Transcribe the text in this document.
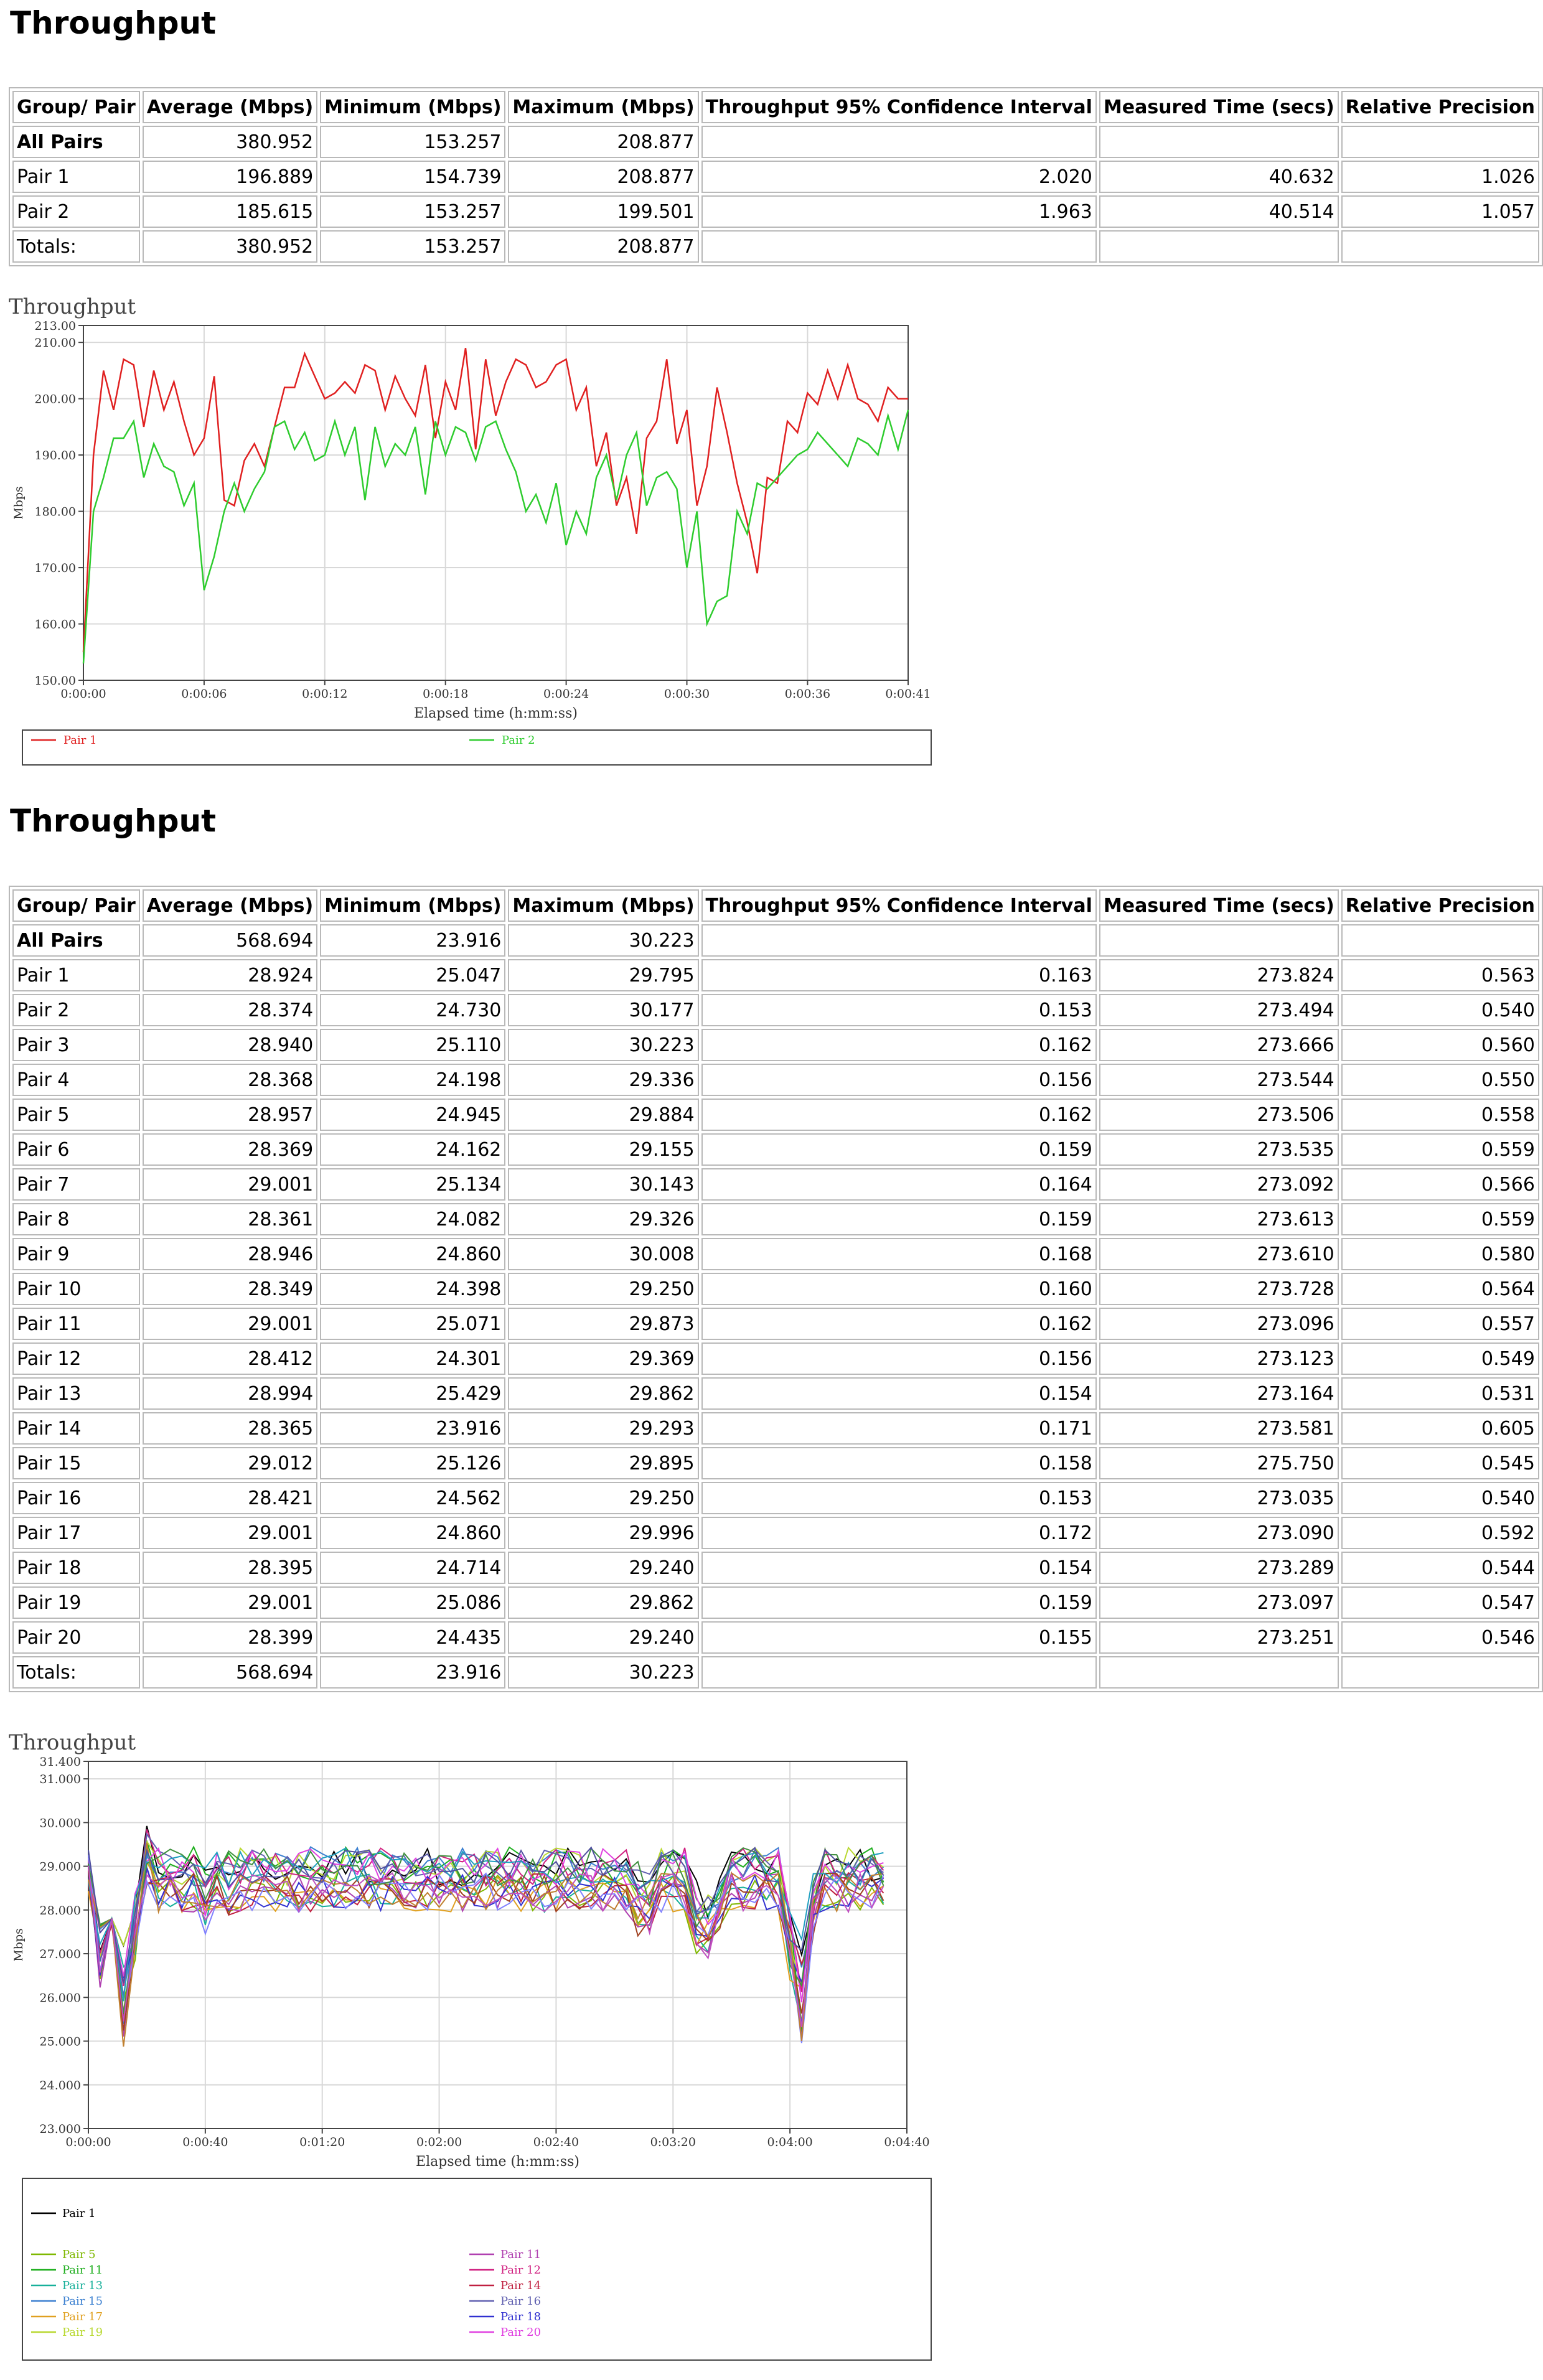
Throughput
Group/ Pair	Average (Mbps)	Minimum (Mbps)	Maximum (Mbps)	Throughput 95% Confidence Interval	Measured Time (secs)	Relative Precision
All Pairs	380.952	153.257	208.877			
Pair 1	196.889	154.739	208.877	2.020	40.632	1.026
Pair 2	185.615	153.257	199.501	1.963	40.514	1.057
Totals:	380.952	153.257	208.877			
Throughput
150.00
160.00
170.00
180.00
190.00
200.00
210.00
213.00
0:00:00	0:00:06	0:00:12	0:00:18	0:00:24	0:00:30	0:00:36	0:00:41
Elapsed time (h:mm:ss)
Mbps
Pair 1	Pair 2
Throughput
Group/ Pair	Average (Mbps)	Minimum (Mbps)	Maximum (Mbps)	Throughput 95% Confidence Interval	Measured Time (secs)	Relative Precision
All Pairs	568.694	23.916	30.223			
Pair 1	28.924	25.047	29.795	0.163	273.824	0.563
Pair 2	28.374	24.730	30.177	0.153	273.494	0.540
Pair 3	28.940	25.110	30.223	0.162	273.666	0.560
Pair 4	28.368	24.198	29.336	0.156	273.544	0.550
Pair 5	28.957	24.945	29.884	0.162	273.506	0.558
Pair 6	28.369	24.162	29.155	0.159	273.535	0.559
Pair 7	29.001	25.134	30.143	0.164	273.092	0.566
Pair 8	28.361	24.082	29.326	0.159	273.613	0.559
Pair 9	28.946	24.860	30.008	0.168	273.610	0.580
Pair 10	28.349	24.398	29.250	0.160	273.728	0.564
Pair 11	29.001	25.071	29.873	0.162	273.096	0.557
Pair 12	28.412	24.301	29.369	0.156	273.123	0.549
Pair 13	28.994	25.429	29.862	0.154	273.164	0.531
Pair 14	28.365	23.916	29.293	0.171	273.581	0.605
Pair 15	29.012	25.126	29.895	0.158	275.750	0.545
Pair 16	28.421	24.562	29.250	0.153	273.035	0.540
Pair 17	29.001	24.860	29.996	0.172	273.090	0.592
Pair 18	28.395	24.714	29.240	0.154	273.289	0.544
Pair 19	29.001	25.086	29.862	0.159	273.097	0.547
Pair 20	28.399	24.435	29.240	0.155	273.251	0.546
Totals:	568.694	23.916	30.223			
Throughput
23.000
24.000
25.000
26.000
27.000
28.000
29.000
30.000
31.000
31.400
0:00:00	0:00:40	0:01:20	0:02:00	0:02:40	0:03:20	0:04:00	0:04:40
Elapsed time (h:mm:ss)
Mbps
Pair 1
Pair 5
Pair 11
Pair 13
Pair 15
Pair 17
Pair 19
Pair 11
Pair 12
Pair 14
Pair 16
Pair 18
Pair 20
